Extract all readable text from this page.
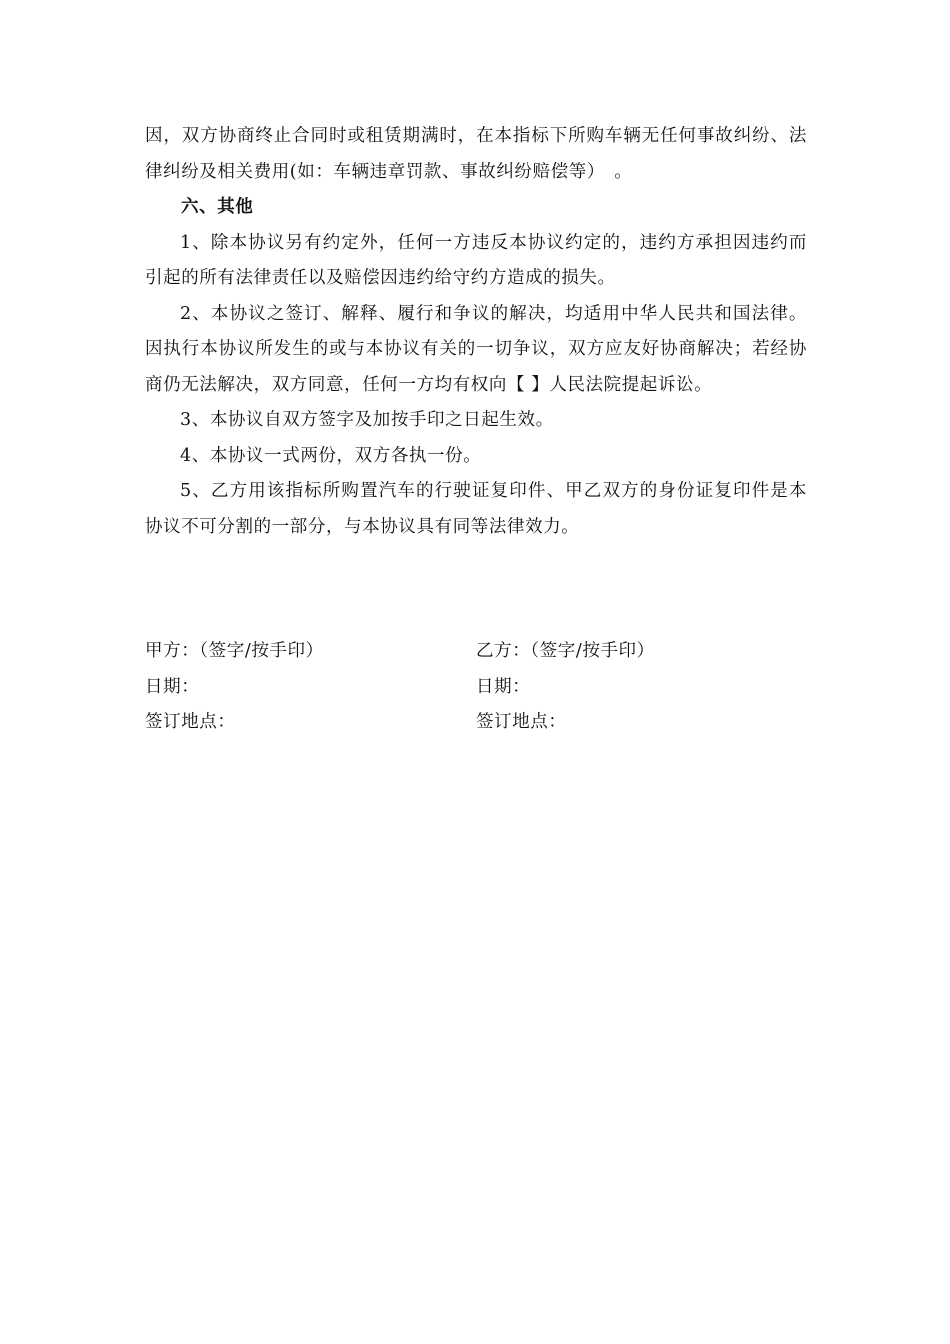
因，双方协商终止合同时或租赁期满时，在本指标下所购车辆无任何事故纠纷、法律纠纷及相关费用(如：车辆违章罚款、事故纠纷赔偿等）　。

六、其他

1、除本协议另有约定外，任何一方违反本协议约定的，违约方承担因违约而引起的所有法律责任以及赔偿因违约给守约方造成的损失。

2、本协议之签订、解释、履行和争议的解决，均适用中华人民共和国法律。因执行本协议所发生的或与本协议有关的一切争议，双方应友好协商解决；若经协商仍无法解决，双方同意，任何一方均有权向【 】人民法院提起诉讼。

3、本协议自双方签字及加按手印之日起生效。

4、本协议一式两份，双方各执一份。

5、乙方用该指标所购置汽车的行驶证复印件、甲乙双方的身份证复印件是本协议不可分割的一部分，与本协议具有同等法律效力。

甲方：（签字/按手印）	乙方：（签字/按手印）
日期：	日期：
签订地点：	签订地点：
